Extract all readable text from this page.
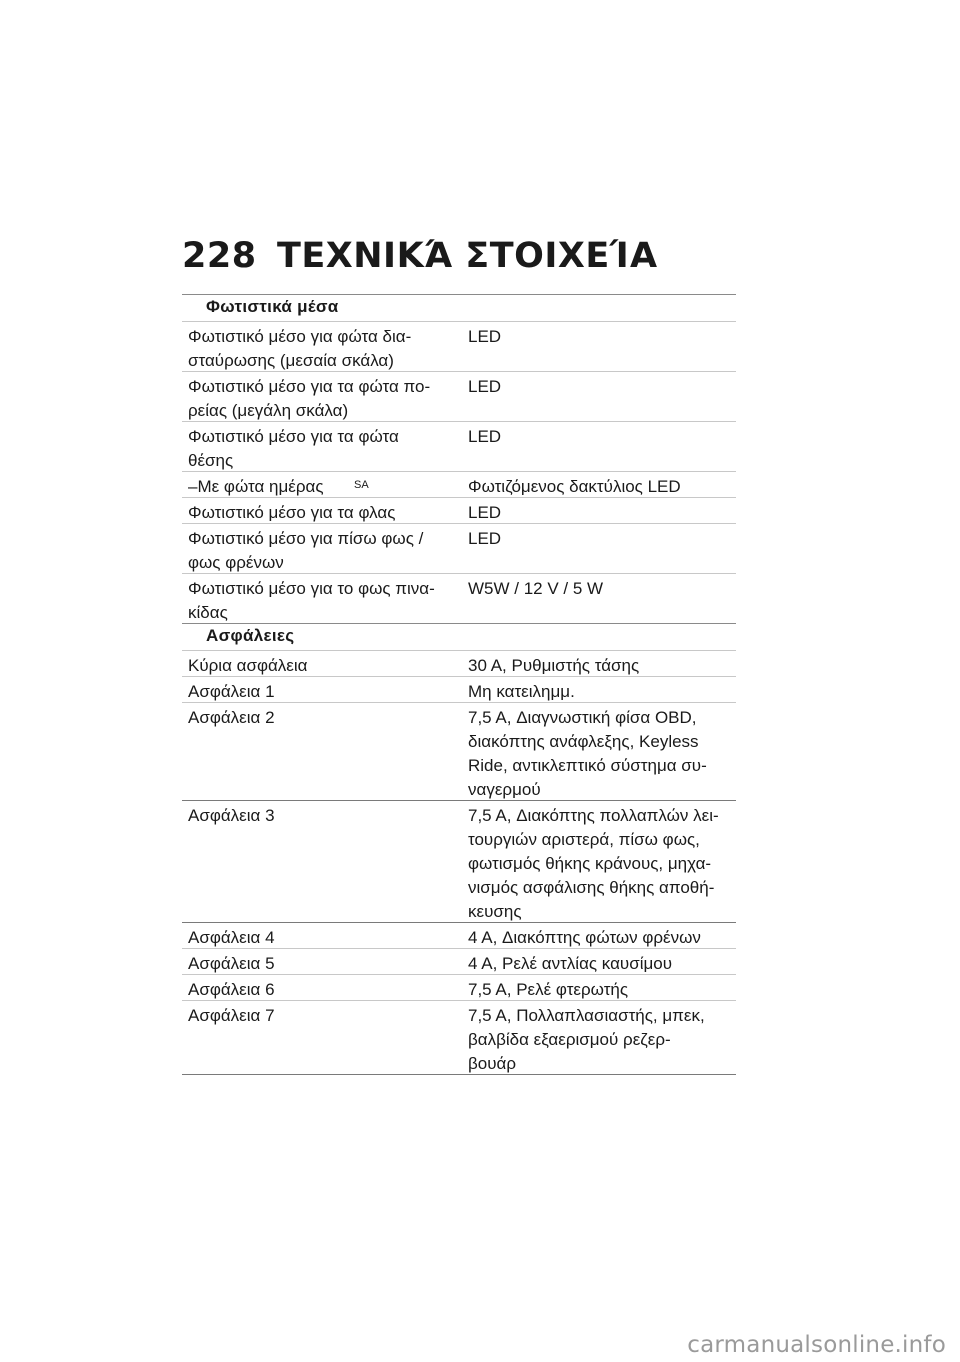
228 ΤΕΧΝΙΚΆ ΣΤΟΙΧΕΊΑ
Φωτιστικά μέσα
Φωτιστικό μέσο για φώτα δια-
σταύρωσης (μεσαία σκάλα)
LED
Φωτιστικό μέσο για τα φώτα πο-
ρείας (μεγάλη σκάλα)
LED
Φωτιστικό μέσο για τα φώτα
θέσης
LED
–Με φώτα ημέρας	SA	Φωτιζόμενος δακτύλιος LED
Φωτιστικό μέσο για τα φλας	LED
Φωτιστικό μέσο για πίσω φως /
φως φρένων
LED
Φωτιστικό μέσο για το φως πινα-
κίδας
W5W / 12 V / 5 W
Ασφάλειες
Κύρια ασφάλεια	30 A, Ρυθμιστής τάσης
Ασφάλεια 1	Μη κατειλημμ.
Ασφάλεια 2	7,5 A, Διαγνωστική φίσα OBD,
διακόπτης ανάφλεξης, Keyless
Ride, αντικλεπτικό σύστημα συ-
ναγερμού
Ασφάλεια 3	7,5 A, Διακόπτης πολλαπλών λει-
τουργιών αριστερά, πίσω φως,
φωτισμός θήκης κράνους, μηχα-
νισμός ασφάλισης θήκης αποθή-
κευσης
Ασφάλεια 4	4 A, Διακόπτης φώτων φρένων
Ασφάλεια 5	4 A, Ρελέ αντλίας καυσίμου
Ασφάλεια 6	7,5 A, Ρελέ φτερωτής
Ασφάλεια 7	7,5 A, Πολλαπλασιαστής, μπεκ,
βαλβίδα εξαερισμού ρεζερ-
βουάρ
carmanualsonline.info
